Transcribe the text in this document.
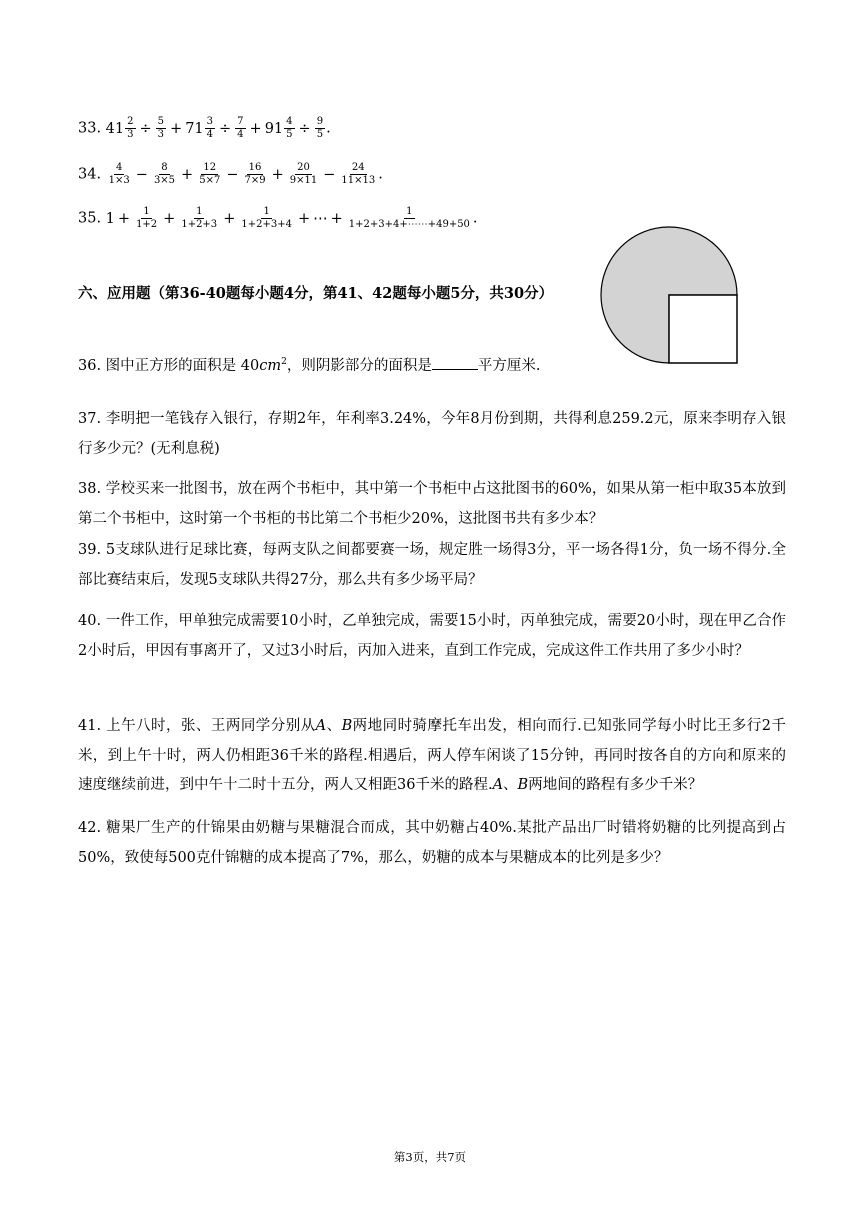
33. $41 \frac{2}{3} \div \frac{5}{3} + 71 \frac{3}{4} \div \frac{7}{4} + 91 \frac{4}{5} \div \frac{9}{5}$ .
34. $\frac{4}{1\times 3} - \frac{8}{3\times 5} + \frac{12}{5\times 7} - \frac{16}{7\times 9} + \frac{20}{9\times 11} - \frac{24}{11\times 13}$ .
35. $1 + \frac{1}{1+2} + \frac{1}{1+2+3} + \frac{1}{1+2+3+4}$ + ⋯ + $\frac{1}{1+2+3+4+\cdots\cdots+49+50}$ .
六、应用题（第36-40题每小题4分，第41、42题每小题5分，共30分）
36. 图中正方形的面积是 $40cm^2$，则阴影部分的面积是	平方厘米.
37. 李明把一笔钱存入银行，存期2年，年利率3.24%，今年8月份到期，共得利息259.2元，原来李明存入银行多少元？(无利息税)
38. 学校买来一批图书，放在两个书柜中，其中第一个书柜中占这批图书的60%，如果从第一柜中取35本放到第二个书柜中，这时第一个书柜的书比第二个书柜少20%，这批图书共有多少本？
39. 5支球队进行足球比赛，每两支队之间都要赛一场，规定胜一场得3分，平一场各得1分，负一场不得分.全部比赛结束后，发现5支球队共得27分，那么共有多少场平局？
40. 一件工作，甲单独完成需要10小时，乙单独完成，需要15小时，丙单独完成，需要20小时，现在甲乙合作2小时后，甲因有事离开了，又过3小时后，丙加入进来，直到工作完成，完成这件工作共用了多少小时？
41. 上午八时，张、王两同学分别从A、B两地同时骑摩托车出发，相向而行.已知张同学每小时比王多行2千米，到上午十时，两人仍相距36千米的路程.相遇后，两人停车闲谈了15分钟，再同时按各自的方向和原来的速度继续前进，到中午十二时十五分，两人又相距36千米的路程.A、B两地间的路程有多少千米？
42. 糖果厂生产的什锦果由奶糖与果糖混合而成，其中奶糖占40%.某批产品出厂时错将奶糖的比列提高到占50%，致使每500克什锦糖的成本提高了7%，那么，奶糖的成本与果糖成本的比列是多少？
第3页，共7页
